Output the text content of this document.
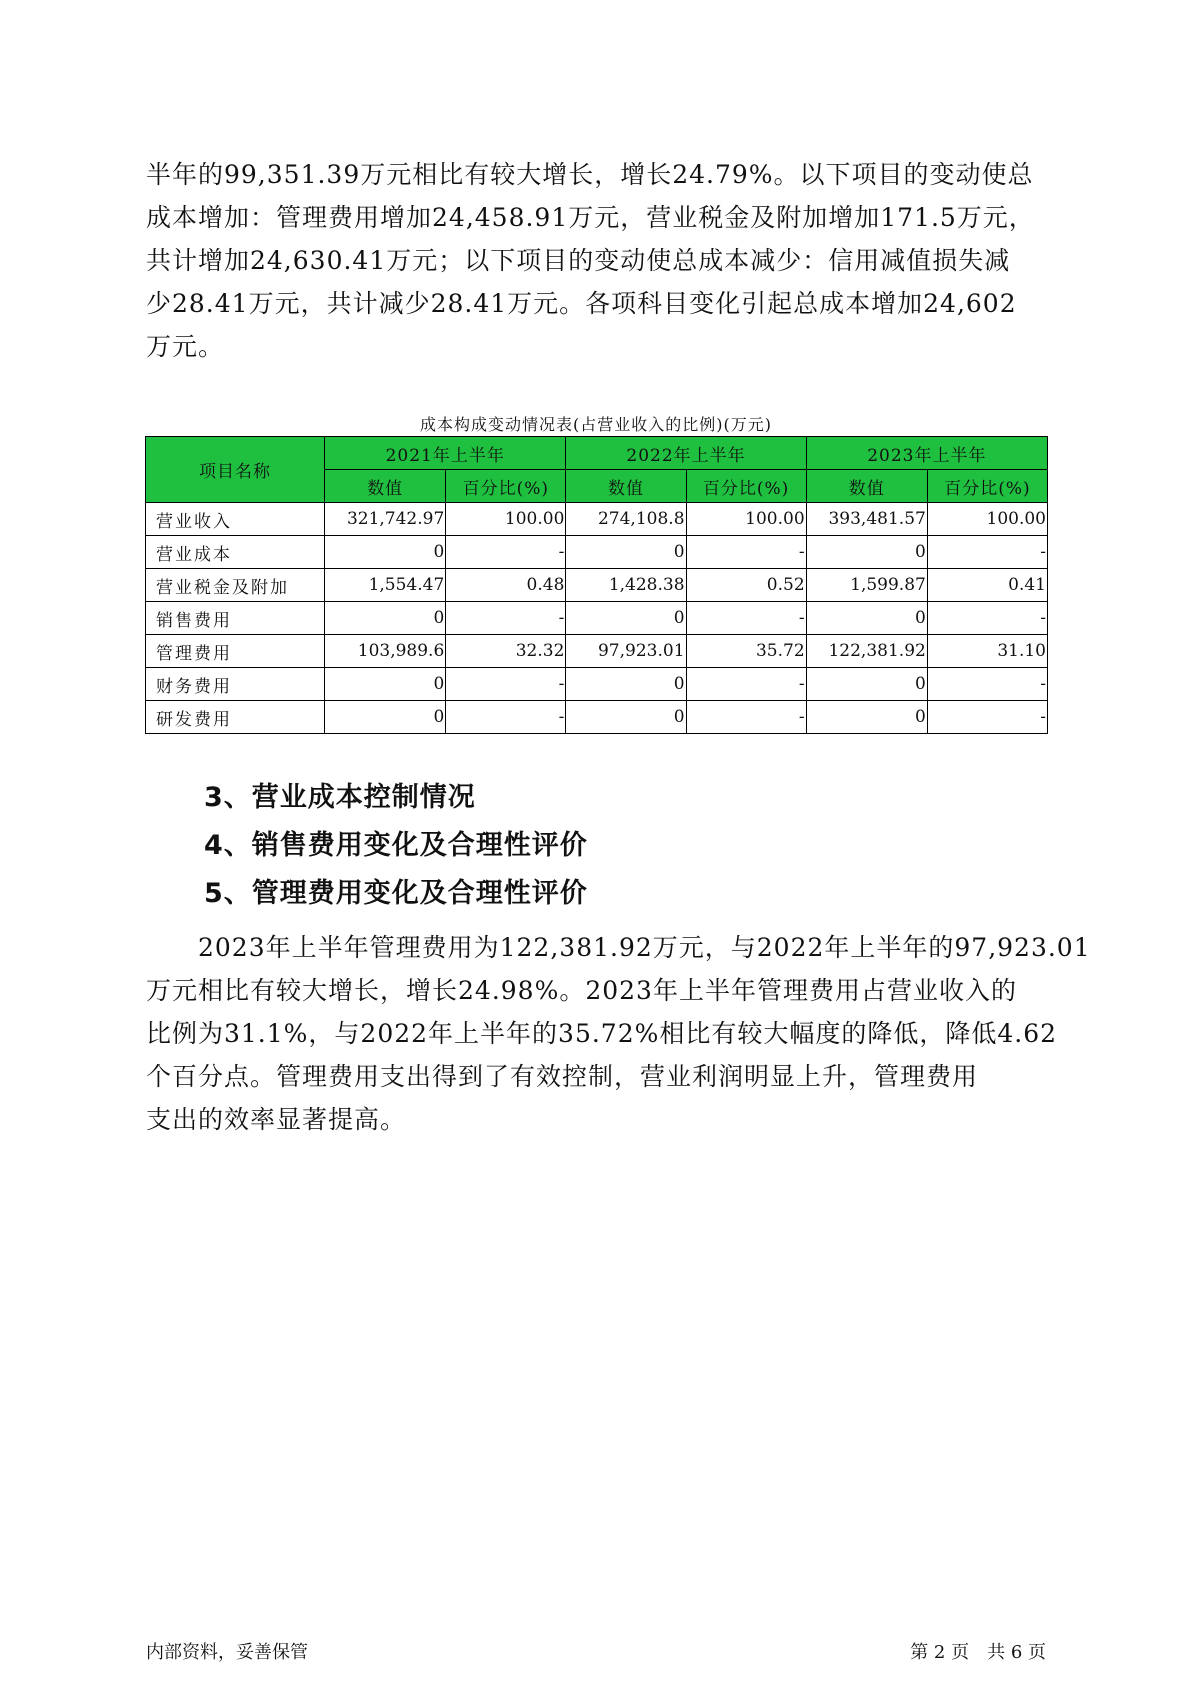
半年的99,351.39万元相比有较大增长，增长24.79%。以下项目的变动使总
成本增加：管理费用增加24,458.91万元，营业税金及附加增加171.5万元，
共计增加24,630.41万元；以下项目的变动使总成本减少：信用减值损失减
少28.41万元，共计减少28.41万元。各项科目变化引起总成本增加24,602
万元。
成本构成变动情况表(占营业收入的比例)(万元)
项目名称	2021年上半年		2022年上半年		2023年上半年	
	数值	百分比(%)	数值	百分比(%)	数值	百分比(%)
营业收入	321,742.97	100.00	274,108.8	100.00	393,481.57	100.00
营业成本	0	-	0	-	0	-
营业税金及附加	1,554.47	0.48	1,428.38	0.52	1,599.87	0.41
销售费用	0	-	0	-	0	-
管理费用	103,989.6	32.32	97,923.01	35.72	122,381.92	31.10
财务费用	0	-	0	-	0	-
研发费用	0	-	0	-	0	-
3、营业成本控制情况
4、销售费用变化及合理性评价
5、管理费用变化及合理性评价
　　2023年上半年管理费用为122,381.92万元，与2022年上半年的97,923.01
万元相比有较大增长，增长24.98%。2023年上半年管理费用占营业收入的
比例为31.1%，与2022年上半年的35.72%相比有较大幅度的降低，降低4.62
个百分点。管理费用支出得到了有效控制，营业利润明显上升，管理费用
支出的效率显著提高。
内部资料，妥善保管	第 2 页　共 6 页
